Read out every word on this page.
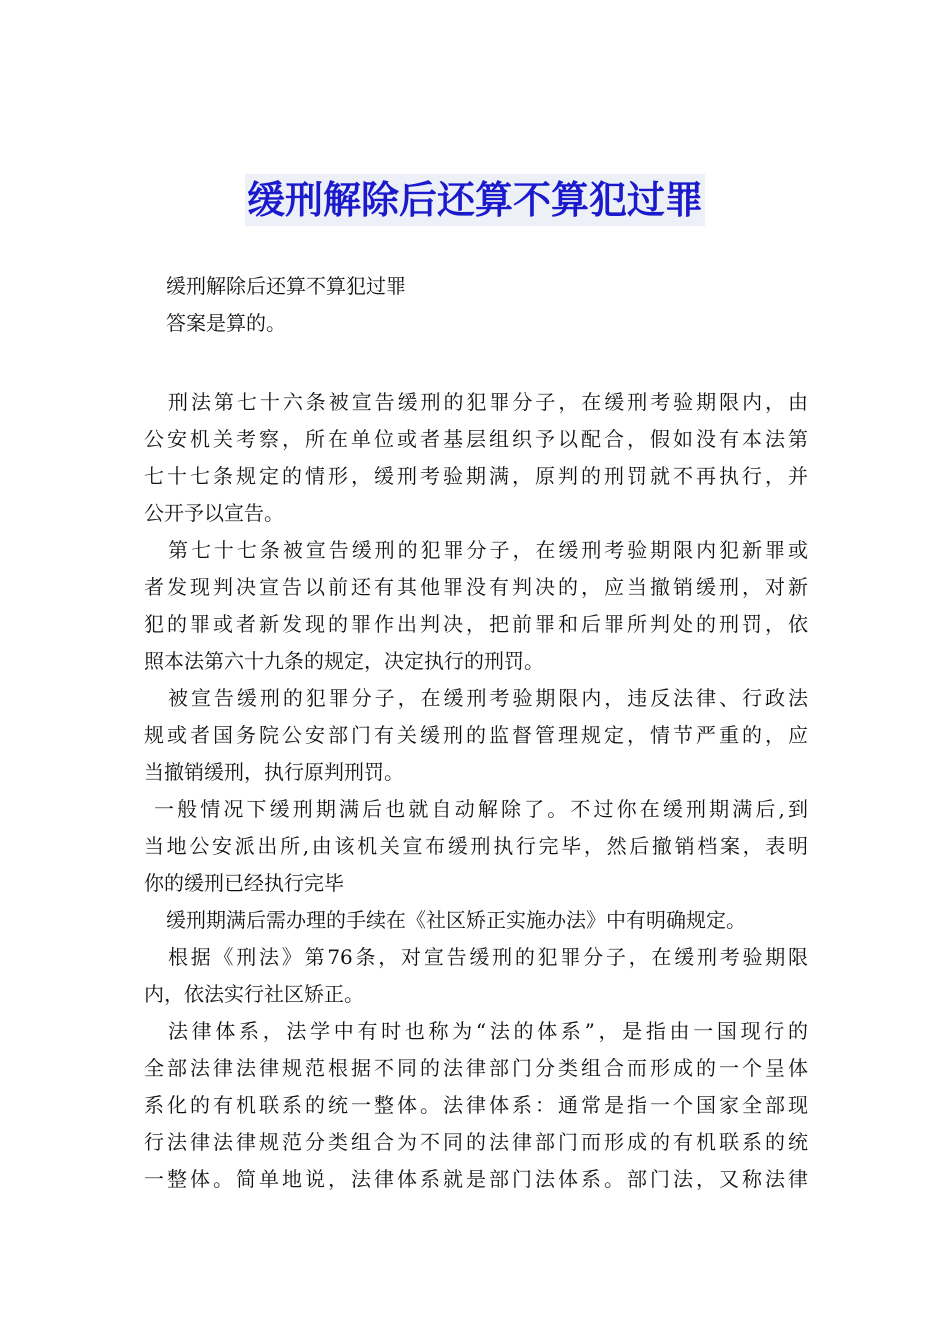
缓刑解除后还算不算犯过罪
缓刑解除后还算不算犯过罪
答案是算的。
刑法第七十六条被宣告缓刑的犯罪分子，在缓刑考验期限内，由
公安机关考察，所在单位或者基层组织予以配合，假如没有本法第
七十七条规定的情形，缓刑考验期满，原判的刑罚就不再执行，并
公开予以宣告。
第七十七条被宣告缓刑的犯罪分子，在缓刑考验期限内犯新罪或
者发现判决宣告以前还有其他罪没有判决的，应当撤销缓刑，对新
犯的罪或者新发现的罪作出判决，把前罪和后罪所判处的刑罚，依
照本法第六十九条的规定，决定执行的刑罚。
被宣告缓刑的犯罪分子，在缓刑考验期限内，违反法律、行政法
规或者国务院公安部门有关缓刑的监督管理规定，情节严重的，应
当撤销缓刑，执行原判刑罚。
一般情况下缓刑期满后也就自动解除了。不过你在缓刑期满后,到
当地公安派出所,由该机关宣布缓刑执行完毕，然后撤销档案，表明
你的缓刑已经执行完毕
缓刑期满后需办理的手续在《社区矫正实施办法》中有明确规定。
根据《刑法》第76条，对宣告缓刑的犯罪分子，在缓刑考验期限
内，依法实行社区矫正。
法律体系，法学中有时也称为“法的体系”，是指由一国现行的
全部法律法律规范根据不同的法律部门分类组合而形成的一个呈体
系化的有机联系的统一整体。法律体系：通常是指一个国家全部现
行法律法律规范分类组合为不同的法律部门而形成的有机联系的统
一整体。简单地说，法律体系就是部门法体系。部门法，又称法律
